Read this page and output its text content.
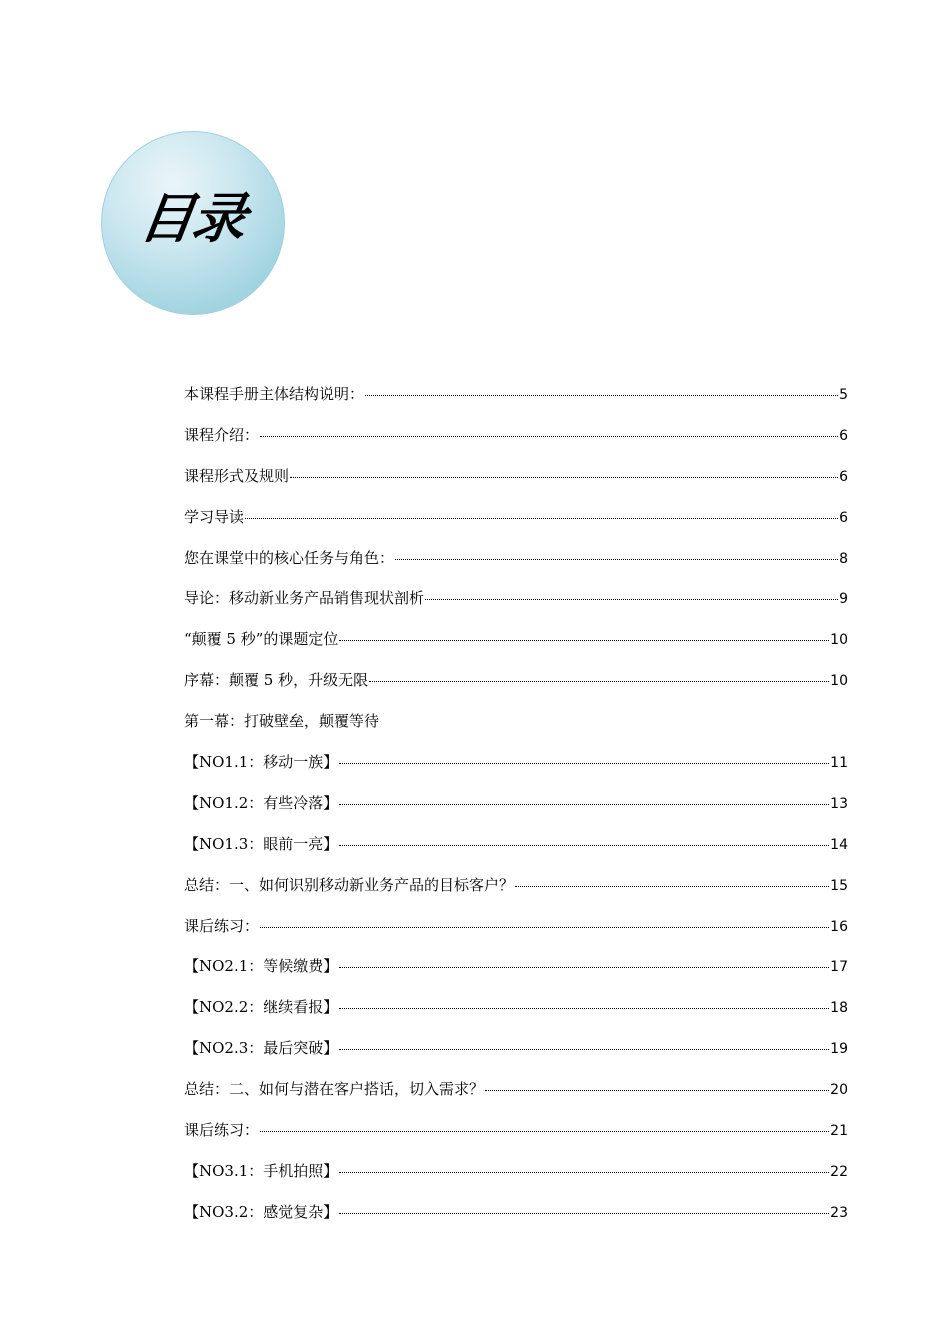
目录
本课程手册主体结构说明：	5
课程介绍：	6
课程形式及规则	6
学习导读	6
您在课堂中的核心任务与角色：	8
导论：移动新业务产品销售现状剖析	9
“颠覆 5 秒”的课题定位	10
序幕：颠覆 5 秒，升级无限	10
第一幕：打破壁垒，颠覆等待
【NO1.1：移动一族】	11
【NO1.2：有些冷落】	13
【NO1.3：眼前一亮】	14
总结：一、如何识别移动新业务产品的目标客户？	15
课后练习：	16
【NO2.1：等候缴费】	17
【NO2.2：继续看报】	18
【NO2.3：最后突破】	19
总结：二、如何与潜在客户搭话，切入需求？	20
课后练习：	21
【NO3.1：手机拍照】	22
【NO3.2：感觉复杂】	23
